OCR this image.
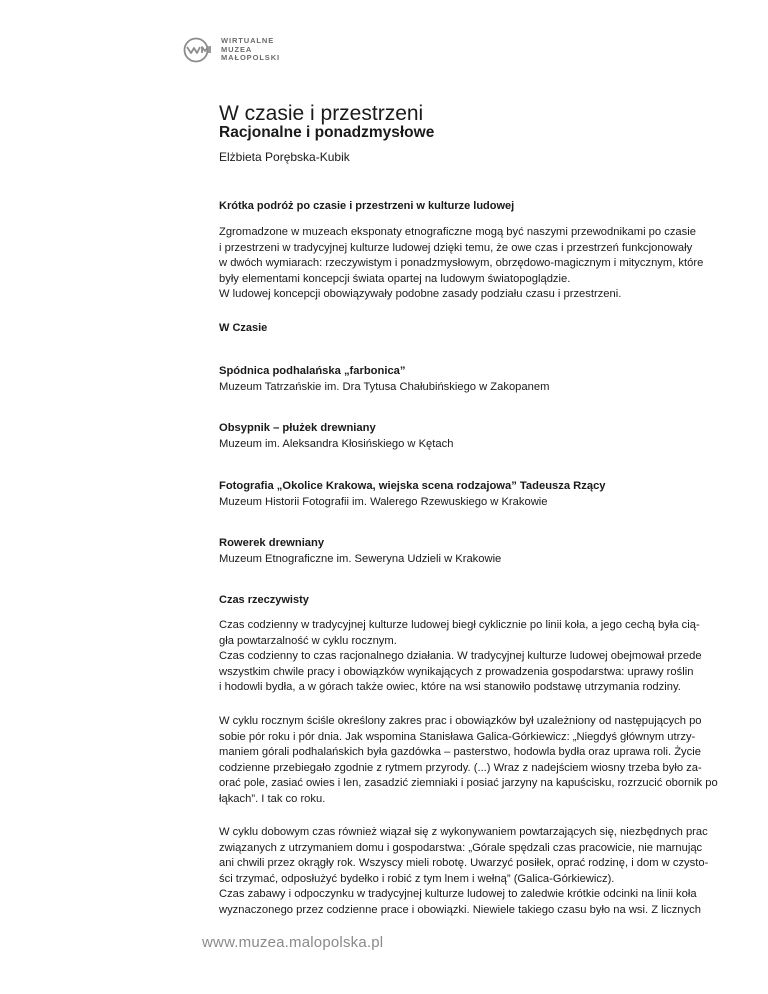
WIRTUALNE
MUZEA
MAŁOPOLSKI
W czasie i przestrzeni
Racjonalne i ponadzmysłowe
Elżbieta Porębska-Kubik
Krótka podróż po czasie i przestrzeni w kulturze ludowej

Zgromadzone w muzeach eksponaty etnograficzne mogą być naszymi przewodnikami po czasie
i przestrzeni w tradycyjnej kulturze ludowej dzięki temu, że owe czas i przestrzeń funkcjonowały
w dwóch wymiarach: rzeczywistym i ponadzmysłowym, obrzędowo-magicznym i mitycznym, które
były elementami koncepcji świata opartej na ludowym światopoglądzie.
W ludowej koncepcji obowiązywały podobne zasady podziału czasu i przestrzeni.

W Czasie
Spódnica podhalańska „farbonica”
Muzeum Tatrzańskie im. Dra Tytusa Chałubińskiego w Zakopanem
Obsypnik – płużek drewniany
Muzeum im. Aleksandra Kłosińskiego w Kętach
Fotografia „Okolice Krakowa, wiejska scena rodzajowa” Tadeusza Rzący
Muzeum Historii Fotografii im. Walerego Rzewuskiego w Krakowie
Rowerek drewniany
Muzeum Etnograficzne im. Seweryna Udzieli w Krakowie
Czas rzeczywisty

Czas codzienny w tradycyjnej kulturze ludowej biegł cyklicznie po linii koła, a jego cechą była cią-
gła powtarzalność w cyklu rocznym.
Czas codzienny to czas racjonalnego działania. W tradycyjnej kulturze ludowej obejmował przede
wszystkim chwile pracy i obowiązków wynikających z prowadzenia gospodarstwa: uprawy roślin
i hodowli bydła, a w górach także owiec, które na wsi stanowiło podstawę utrzymania rodziny.

W cyklu rocznym ściśle określony zakres prac i obowiązków był uzależniony od następujących po
sobie pór roku i pór dnia. Jak wspomina Stanisława Galica-Górkiewicz: „Niegdyś głównym utrzy-
maniem górali podhalańskich była gazdówka – pasterstwo, hodowla bydła oraz uprawa roli. Życie
codzienne przebiegało zgodnie z rytmem przyrody. (...) Wraz z nadejściem wiosny trzeba było za-
orać pole, zasiać owies i len, zasadzić ziemniaki i posiać jarzyny na kapuścisku, rozrzucić obornik po
łąkach”. I tak co roku.

W cyklu dobowym czas również wiązał się z wykonywaniem powtarzających się, niezbędnych prac
związanych z utrzymaniem domu i gospodarstwa: „Górale spędzali czas pracowicie, nie marnując
ani chwili przez okrągły rok. Wszyscy mieli robotę. Uwarzyć posiłek, oprać rodzinę, i dom w czysto-
ści trzymać, odposłużyć bydełko i robić z tym lnem i wełną” (Galica-Górkiewicz).
Czas zabawy i odpoczynku w tradycyjnej kulturze ludowej to zaledwie krótkie odcinki na linii koła
wyznaczonego przez codzienne prace i obowiązki. Niewiele takiego czasu było na wsi. Z licznych

www.muzea.malopolska.pl
